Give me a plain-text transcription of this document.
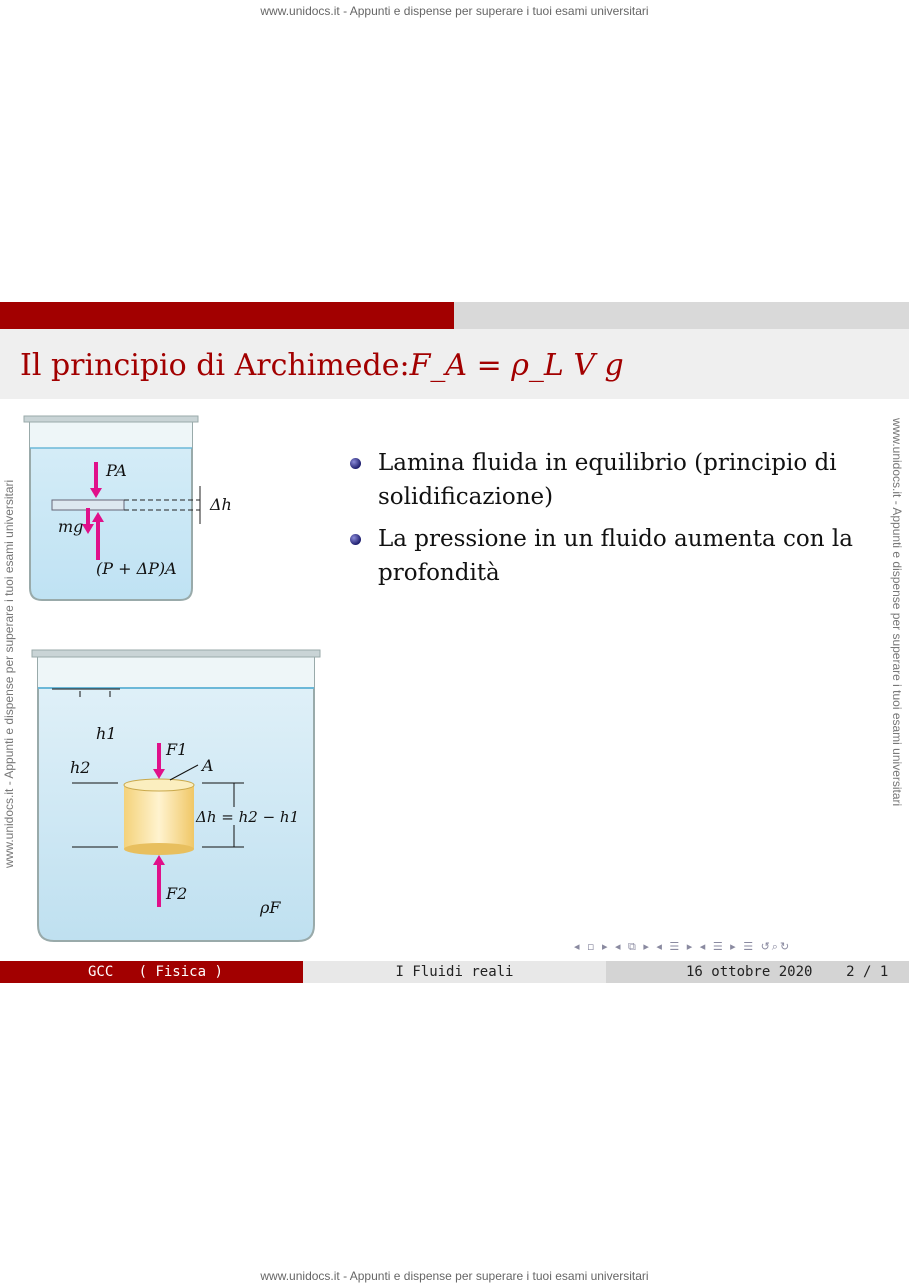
www.unidocs.it - Appunti e dispense per superare i tuoi esami universitari
www.unidocs.it - Appunti e dispense per superare i tuoi esami universitari
www.unidocs.it - Appunti e dispense per superare i tuoi esami universitari	www.unidocs.it - Appunti e dispense per superare i tuoi esami universitari
Il principio di Archimede:F_A = ρ_L V g
PA
Δh
mg
(P + ΔP)A
h1
h2
F1
A
Δh = h2 − h1
F2
ρF
Lamina fluida in equilibrio (principio di solidificazione)
La pressione in un fluido aumenta con la profondità
◂ ▫ ▸ ◂ ⧉ ▸ ◂ ☰ ▸ ◂ ☰ ▸ ☰ ↺⌕↻
GCC ( Fisica )	I Fluidi reali	16 ottobre 2020 2 / 1
